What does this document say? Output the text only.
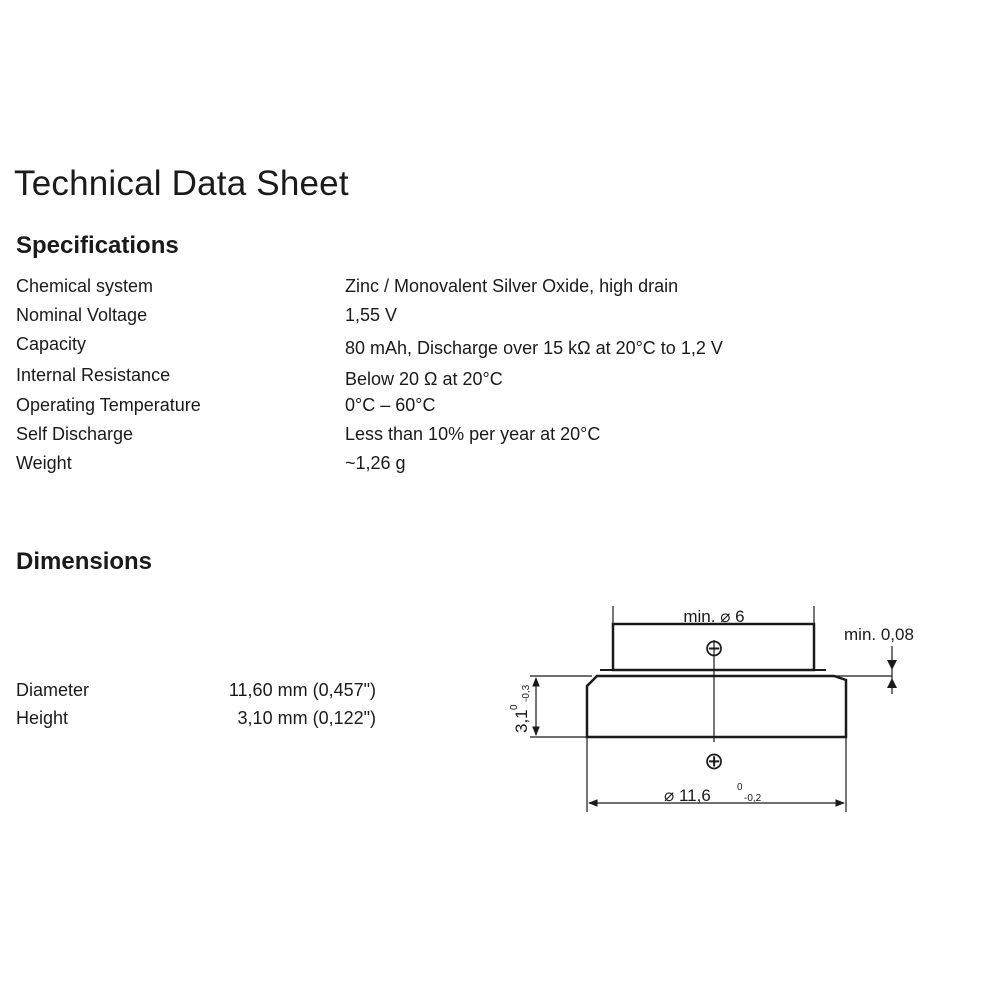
Technical Data Sheet
Specifications
Chemical system	Zinc / Monovalent Silver Oxide, high drain
Nominal Voltage	1,55 V
Capacity	80 mAh, Discharge over 15 kΩ at 20°C to 1,2 V
Internal Resistance	Below 20 Ω at 20°C
Operating Temperature	0°C – 60°C
Self Discharge	Less than 10% per year at 20°C
Weight	~1,26 g
Dimensions
Diameter	11,60 mm (0,457")
Height	3,10 mm (0,122")
min. ⌀ 6
⊖
⊕
min. 0,08
3,1
0
-0,3
⌀ 11,6	0
-0,2
